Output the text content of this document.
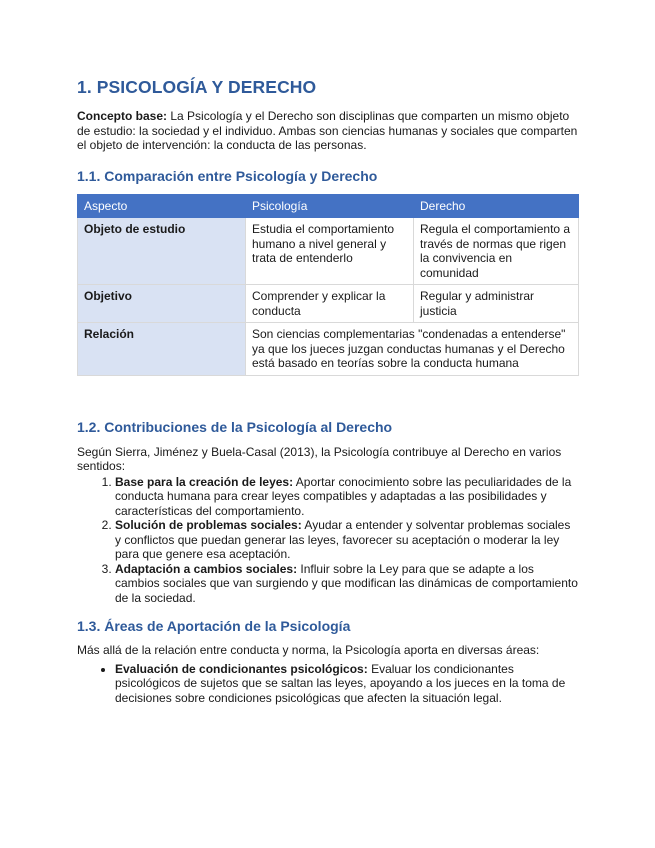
1. PSICOLOGÍA Y DERECHO

Concepto base: La Psicología y el Derecho son disciplinas que comparten un mismo objeto de estudio: la sociedad y el individuo. Ambas son ciencias humanas y sociales que comparten el objeto de intervención: la conducta de las personas.

1.1. Comparación entre Psicología y Derecho
Aspecto	Psicología	Derecho
Objeto de estudio	Estudia el comportamiento humano a nivel general y trata de entenderlo	Regula el comportamiento a través de normas que rigen la convivencia en comunidad
Objetivo	Comprender y explicar la conducta	Regular y administrar justicia
Relación	Son ciencias complementarias "condenadas a entenderse" ya que los jueces juzgan conductas humanas y el Derecho está basado en teorías sobre la conducta humana	
1.2. Contribuciones de la Psicología al Derecho

Según Sierra, Jiménez y Buela-Casal (2013), la Psicología contribuye al Derecho en varios sentidos:

1. Base para la creación de leyes: Aportar conocimiento sobre las peculiaridades de la conducta humana para crear leyes compatibles y adaptadas a las posibilidades y características del comportamiento.
2. Solución de problemas sociales: Ayudar a entender y solventar problemas sociales y conflictos que puedan generar las leyes, favorecer su aceptación o moderar la ley para que genere esa aceptación.
3. Adaptación a cambios sociales: Influir sobre la Ley para que se adapte a los cambios sociales que van surgiendo y que modifican las dinámicas de comportamiento de la sociedad.
1.3. Áreas de Aportación de la Psicología

Más allá de la relación entre conducta y norma, la Psicología aporta en diversas áreas:

• Evaluación de condicionantes psicológicos: Evaluar los condicionantes psicológicos de sujetos que se saltan las leyes, apoyando a los jueces en la toma de decisiones sobre condiciones psicológicas que afecten la situación legal.
